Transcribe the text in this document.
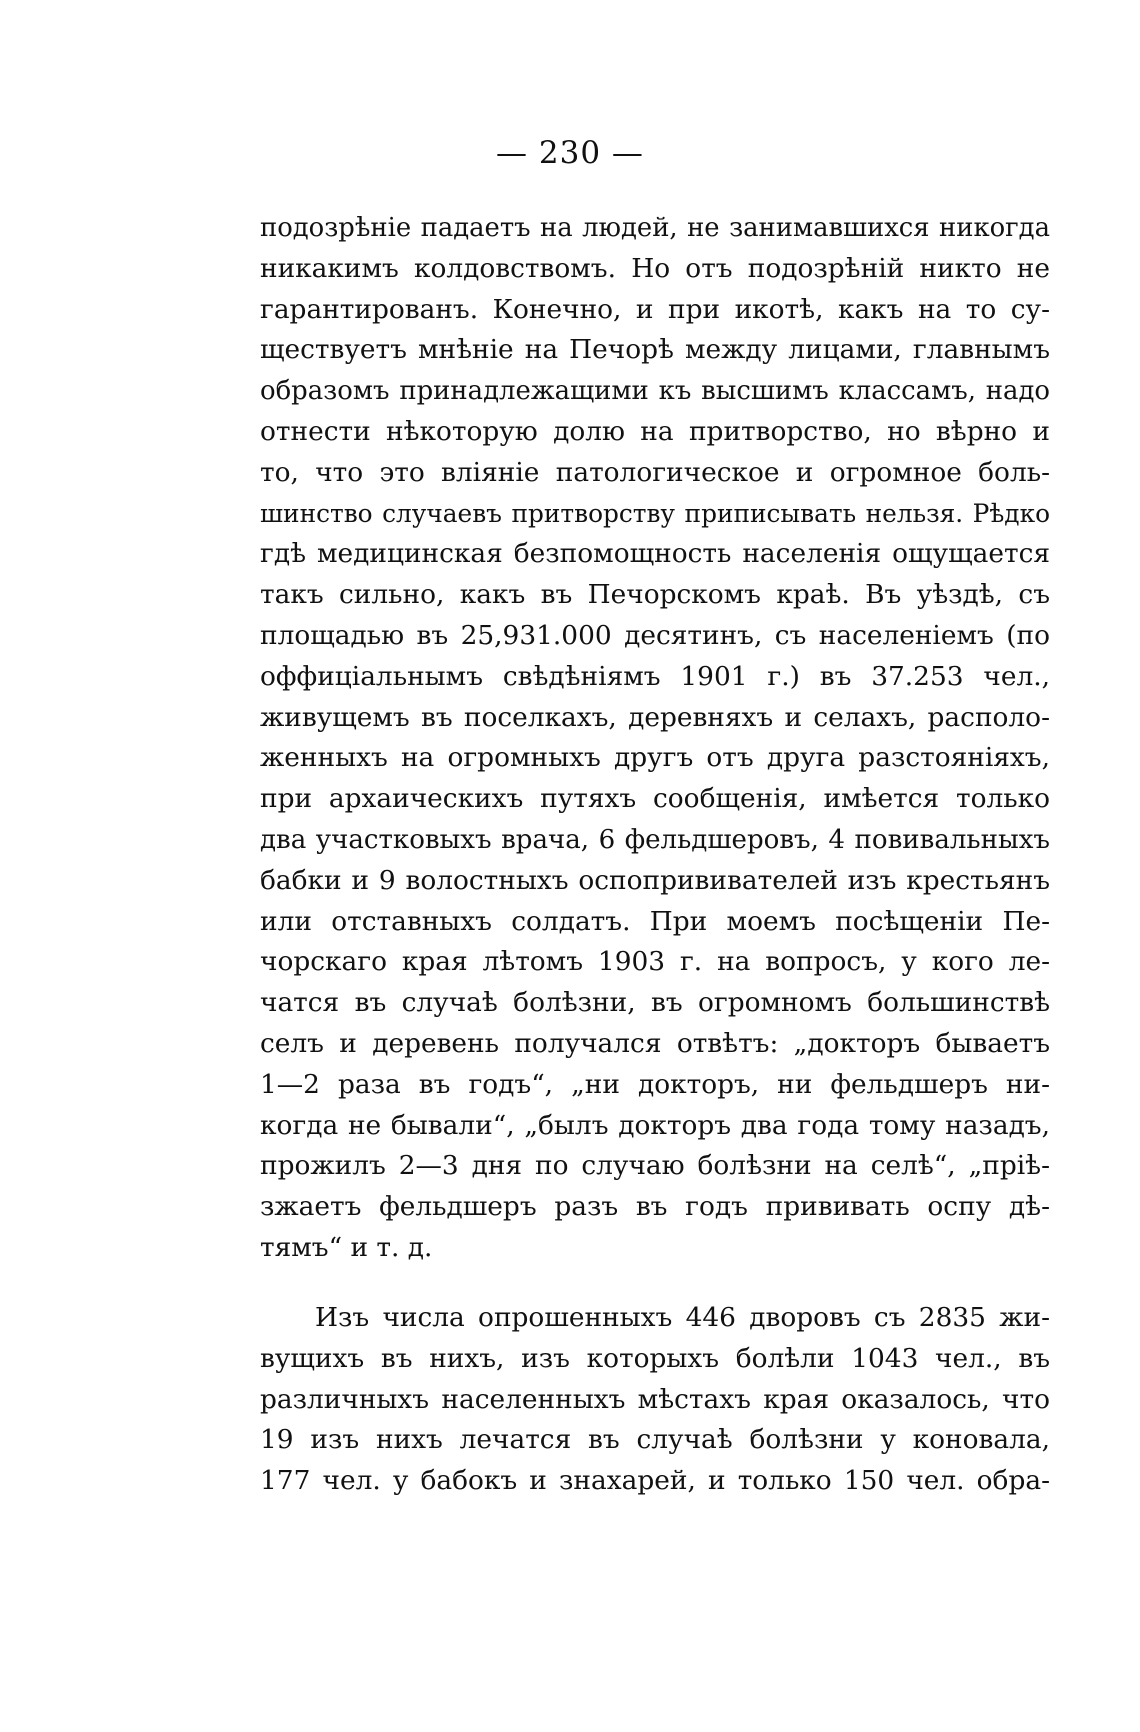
— 230 —
подозрѣніе падаетъ на людей, не занимавшихся никогда
никакимъ колдовствомъ. Но отъ подозрѣній никто не
гарантированъ. Конечно, и при икотѣ, какъ на то су-
ществуетъ мнѣніе на Печорѣ между лицами, главнымъ
образомъ принадлежащими къ высшимъ классамъ, надо
отнести нѣкоторую долю на притворство, но вѣрно и
то, что это вліяніе патологическое и огромное боль-
шинство случаевъ притворству приписывать нельзя. Рѣдко
гдѣ медицинская безпомощность населенія ощущается
такъ сильно, какъ въ Печорскомъ краѣ. Въ уѣздѣ, съ
площадью въ 25,931.000 десятинъ, съ населеніемъ (по
оффиціальнымъ свѣдѣніямъ 1901 г.) въ 37.253 чел.,
живущемъ въ поселкахъ, деревняхъ и селахъ, располо-
женныхъ на огромныхъ другъ отъ друга разстояніяхъ,
при архаическихъ путяхъ сообщенія, имѣется только
два участковыхъ врача, 6 фельдшеровъ, 4 повивальныхъ
бабки и 9 волостныхъ оспопрививателей изъ крестьянъ
или отставныхъ солдатъ. При моемъ посѣщеніи Пе-
чорскаго края лѣтомъ 1903 г. на вопросъ, у кого ле-
чатся въ случаѣ болѣзни, въ огромномъ большинствѣ
селъ и деревень получался отвѣтъ: „докторъ бываетъ
1—2 раза въ годъ“, „ни докторъ, ни фельдшеръ ни-
когда не бывали“, „былъ докторъ два года тому назадъ,
прожилъ 2—3 дня по случаю болѣзни на селѣ“, „пріѣ-
зжаетъ фельдшеръ разъ въ годъ прививать оспу дѣ-
тямъ“ и т. д.
Изъ числа опрошенныхъ 446 дворовъ съ 2835 жи-
вущихъ въ нихъ, изъ которыхъ болѣли 1043 чел., въ
различныхъ населенныхъ мѣстахъ края оказалось, что
19 изъ нихъ лечатся въ случаѣ болѣзни у коновала,
177 чел. у бабокъ и знахарей, и только 150 чел. обра-
